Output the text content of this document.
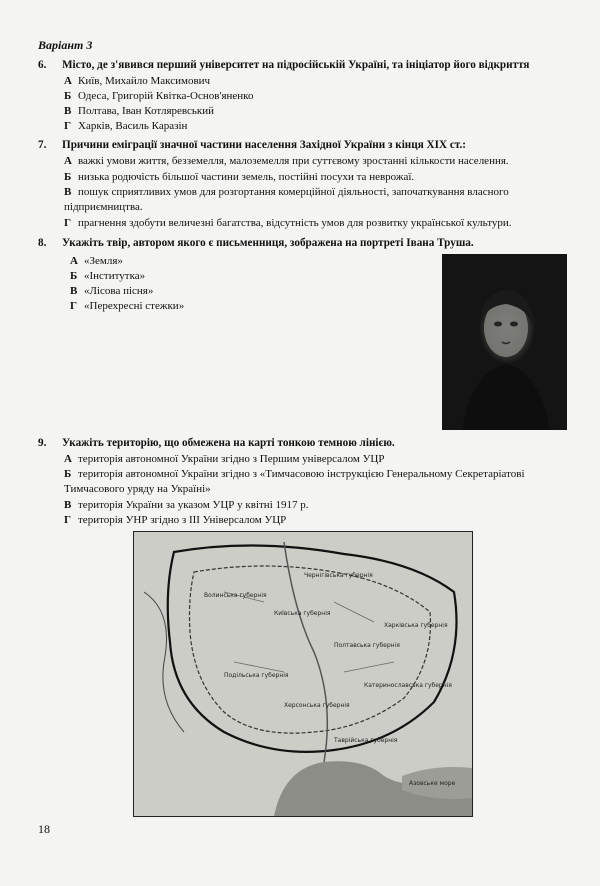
Варіант 3
6. Місто, де з'явився перший університет на підросійській Україні, та ініціатор його відкриття
А Київ, Михайло Максимович
Б Одеса, Григорій Квітка-Основ'яненко
В Полтава, Іван Котляревський
Г Харків, Василь Каразін
7. Причини еміграції значної частини населення Західної України з кінця ХІХ ст.:
А важкі умови життя, безземелля, малоземелля при суттєвому зростанні кількости населення.
Б низька родючість більшої частини земель, постійні посухи та неврожаї.
В пошук сприятливих умов для розгортання комерційної діяльності, започаткування власного підприємництва.
Г прагнення здобути величезні багатства, відсутність умов для розвитку української культури.
8. Укажіть твір, автором якого є письменниця, зображена на портреті Івана Труша.
А «Земля»
Б «Інститутка»
В «Лісова пісня»
Г «Перехресні стежки»
9. Укажіть територію, що обмежена на карті тонкою темною лінією.
А територія автономної України згідно з Першим універсалом УЦР
Б територія автономної України згідно з «Тимчасовою інструкцією Генеральному Секретаріатові Тимчасового уряду на Україні»
В територія України за указом УЦР у квітні 1917 р.
Г територія УНР згідно з ІІІ Універсалом УЦР
Київська губернія
Полтавська губернія
Харківська губернія
Чернігівська губернія
Волинська губернія
Подільська губернія
Херсонська губернія
Катеринославська губернія
Таврійська губернія
Азовське море
18
